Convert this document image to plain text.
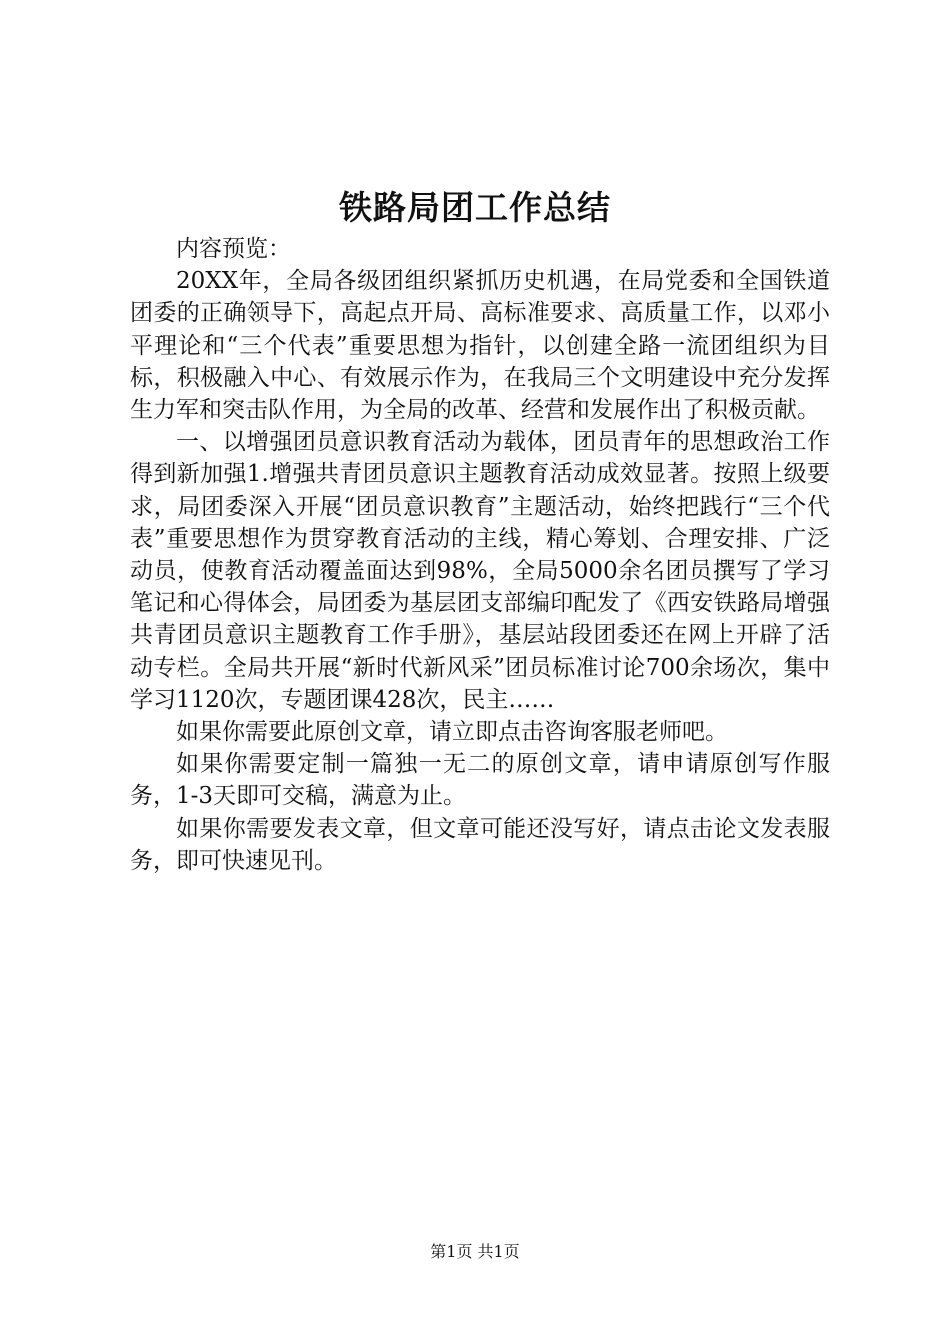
铁路局团工作总结

内容预览：

20XX年，全局各级团组织紧抓历史机遇，在局党委和全国铁道团委的正确领导下，高起点开局、高标准要求、高质量工作，以邓小平理论和“三个代表”重要思想为指针，以创建全路一流团组织为目标，积极融入中心、有效展示作为，在我局三个文明建设中充分发挥生力军和突击队作用，为全局的改革、经营和发展作出了积极贡献。

一、以增强团员意识教育活动为载体，团员青年的思想政治工作得到新加强1.增强共青团员意识主题教育活动成效显著。按照上级要求，局团委深入开展“团员意识教育”主题活动，始终把践行“三个代表”重要思想作为贯穿教育活动的主线，精心筹划、合理安排、广泛动员，使教育活动覆盖面达到98%，全局5000余名团员撰写了学习笔记和心得体会，局团委为基层团支部编印配发了《西安铁路局增强共青团员意识主题教育工作手册》，基层站段团委还在网上开辟了活动专栏。全局共开展“新时代新风采”团员标准讨论700余场次，集中学习1120次，专题团课428次，民主……

如果你需要此原创文章，请立即点击咨询客服老师吧。

如果你需要定制一篇独一无二的原创文章，请申请原创写作服务，1-3天即可交稿，满意为止。

如果你需要发表文章，但文章可能还没写好，请点击论文发表服务，即可快速见刊。

第1页 共1页
